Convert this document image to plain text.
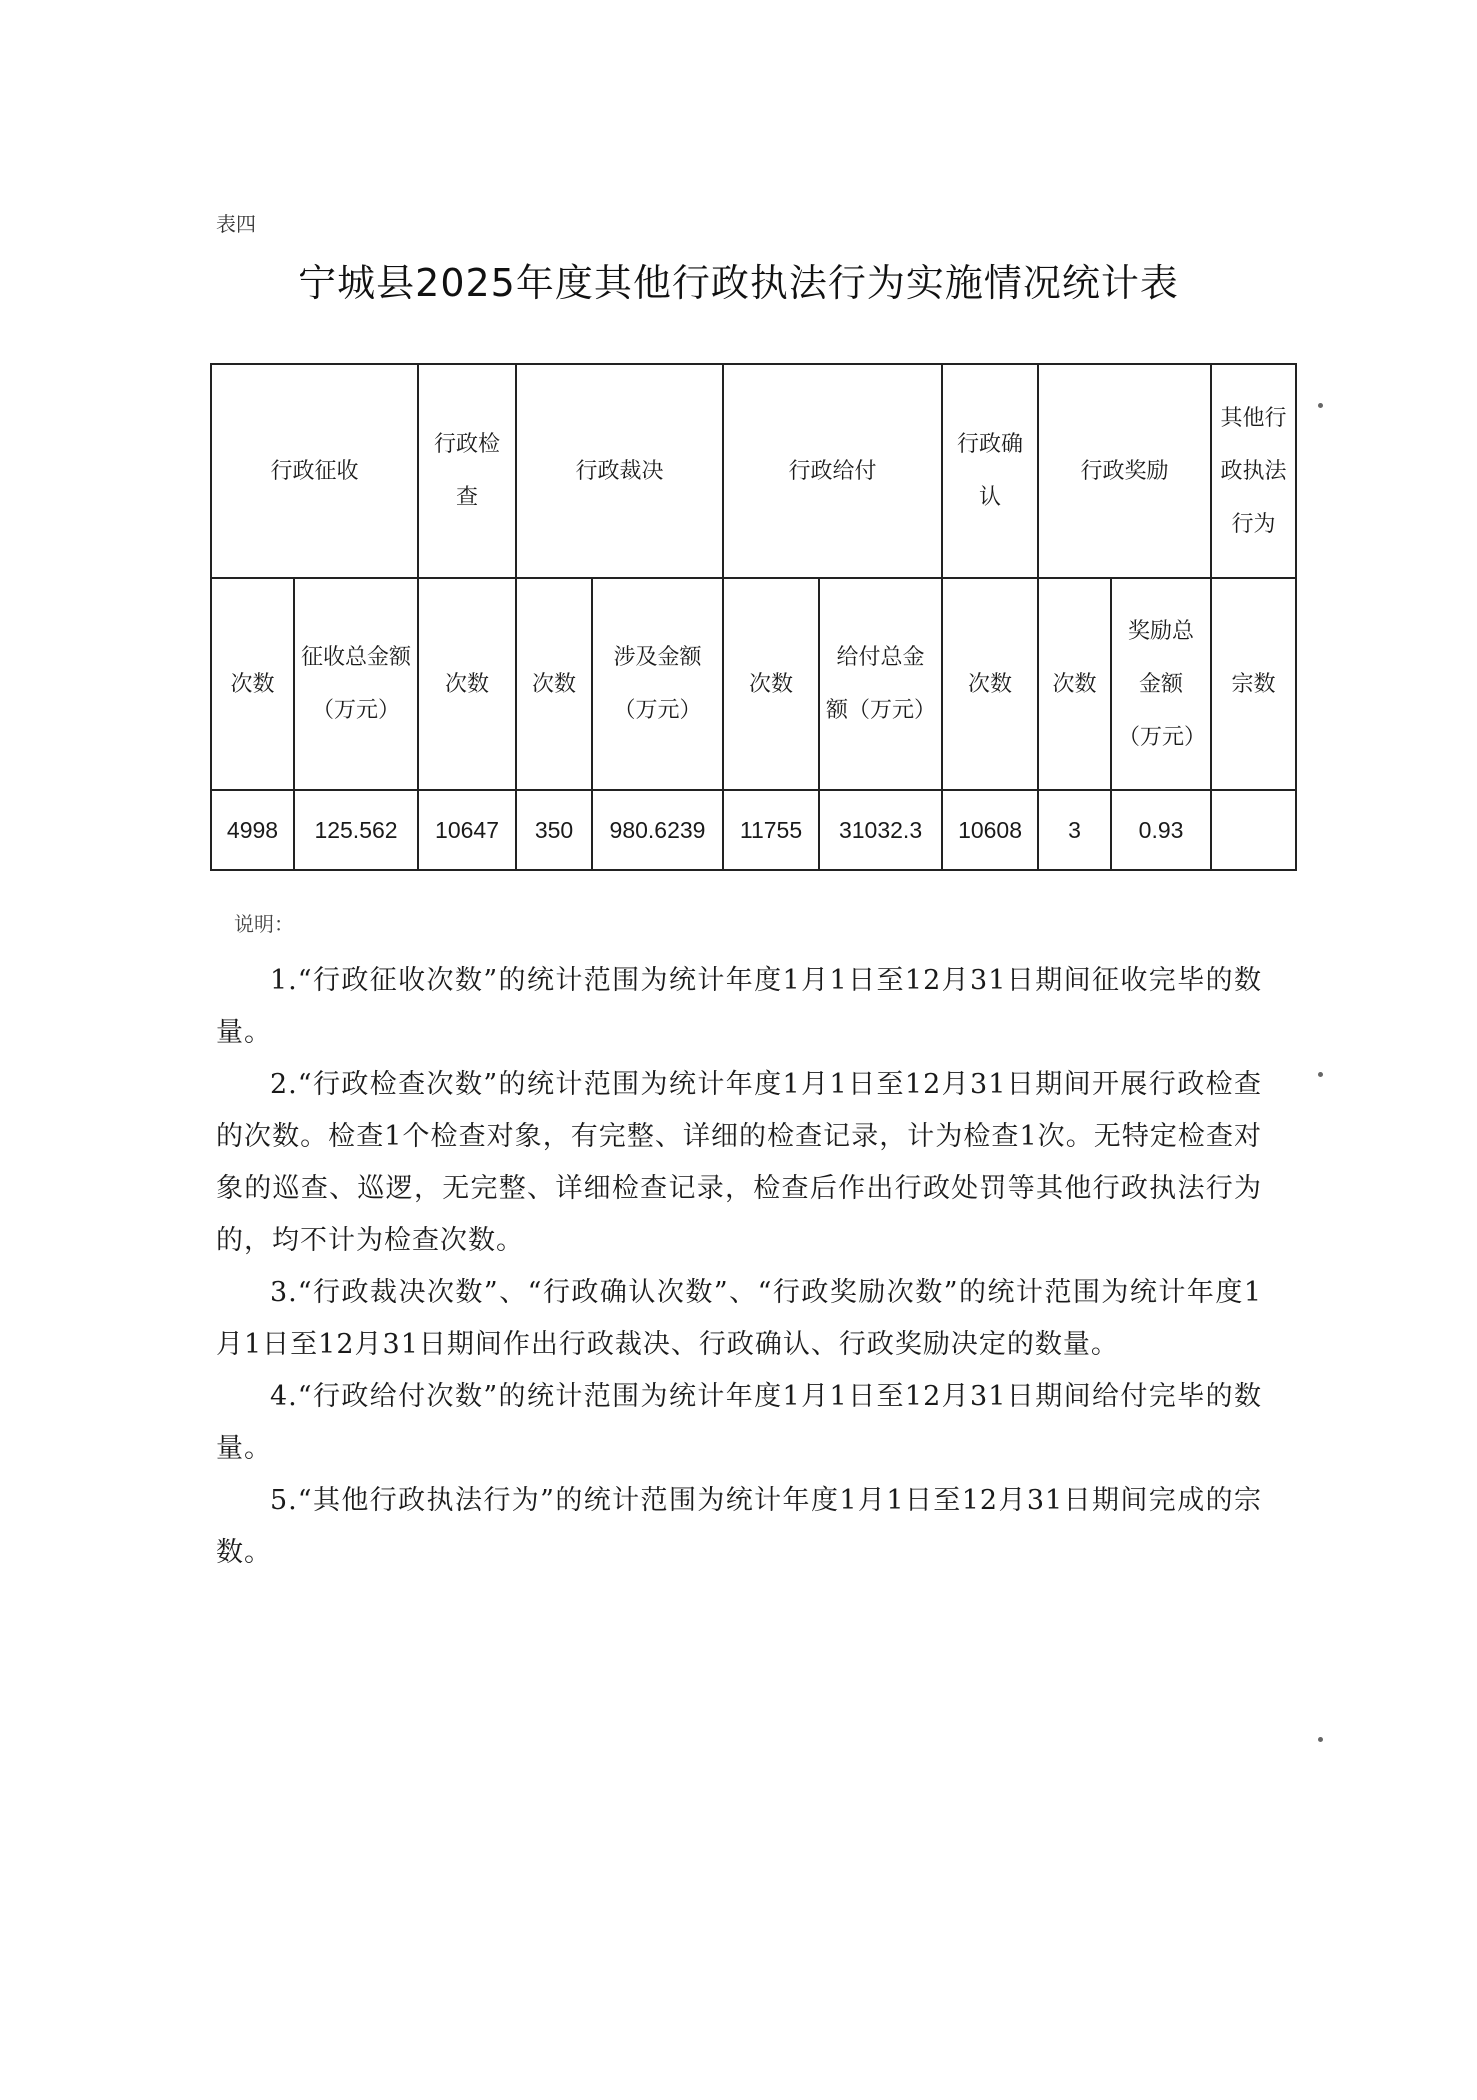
表四
宁城县2025年度其他行政执法行为实施情况统计表
行政征收		行政检查	行政裁决		行政给付		行政确认	行政奖励		其他行政执法行为
次数	征收总金额（万元）	次数	次数	涉及金额（万元）	次数	给付总金额（万元）	次数	次数	奖励总金额（万元）	宗数
4998	125.562	10647	350	980.6239	11755	31032.3	10608	3	0.93	
说明：

1.“行政征收次数”的统计范围为统计年度1月1日至12月31日期间征收完毕的数量。

2.“行政检查次数”的统计范围为统计年度1月1日至12月31日期间开展行政检查的次数。检查1个检查对象，有完整、详细的检查记录，计为检查1次。无特定检查对象的巡查、巡逻，无完整、详细检查记录，检查后作出行政处罚等其他行政执法行为的，均不计为检查次数。

3.“行政裁决次数”、“行政确认次数”、“行政奖励次数”的统计范围为统计年度1月1日至12月31日期间作出行政裁决、行政确认、行政奖励决定的数量。

4.“行政给付次数”的统计范围为统计年度1月1日至12月31日期间给付完毕的数量。

5.“其他行政执法行为”的统计范围为统计年度1月1日至12月31日期间完成的宗数。
